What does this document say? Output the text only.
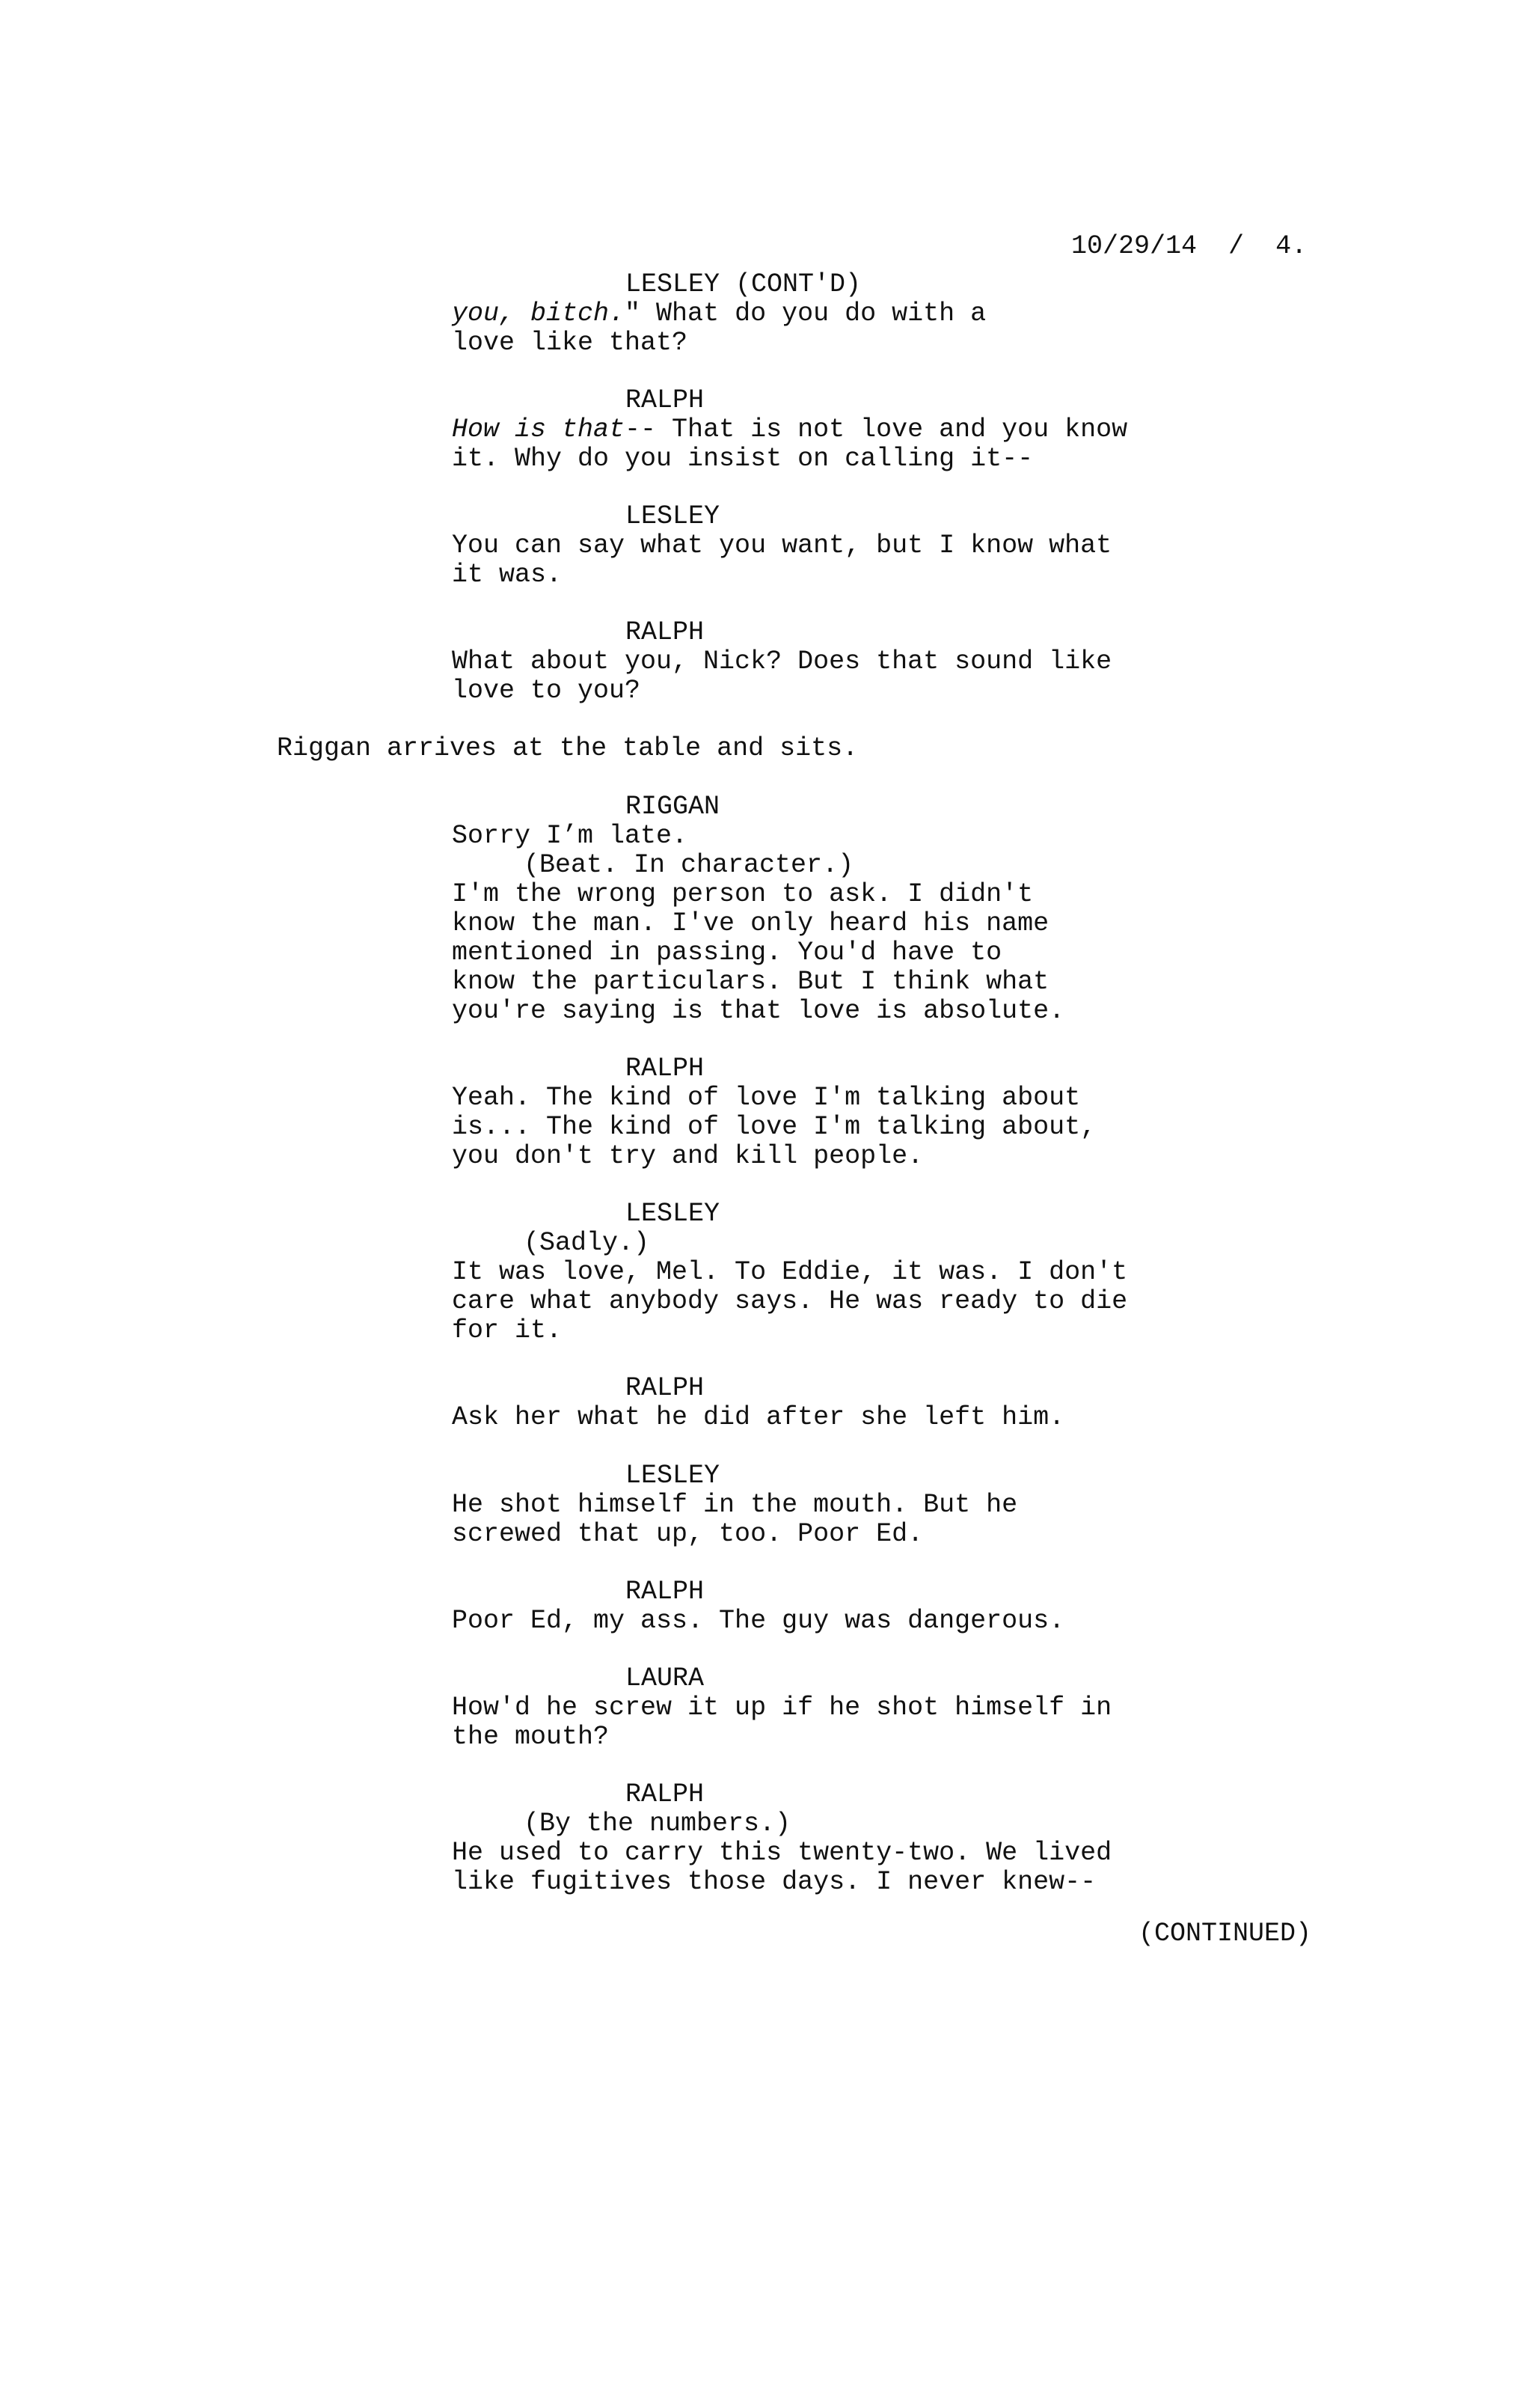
10/29/14 / 4.
LESLEY (CONT'D)
you, bitch." What do you do with a
love like that?
RALPH
How is that-- That is not love and you know
it. Why do you insist on calling it--
LESLEY
You can say what you want, but I know what
it was.
RALPH
What about you, Nick? Does that sound like
love to you?
Riggan arrives at the table and sits.
RIGGAN
Sorry I’m late.
(Beat. In character.)
I'm the wrong person to ask. I didn't
know the man. I've only heard his name
mentioned in passing. You'd have to
know the particulars. But I think what
you're saying is that love is absolute.
RALPH
Yeah. The kind of love I'm talking about
is... The kind of love I'm talking about,
you don't try and kill people.
LESLEY
(Sadly.)
It was love, Mel. To Eddie, it was. I don't
care what anybody says. He was ready to die
for it.
RALPH
Ask her what he did after she left him.
LESLEY
He shot himself in the mouth. But he
screwed that up, too. Poor Ed.
RALPH
Poor Ed, my ass. The guy was dangerous.
LAURA
How'd he screw it up if he shot himself in
the mouth?
RALPH
(By the numbers.)
He used to carry this twenty-two. We lived
like fugitives those days. I never knew--
(CONTINUED)
